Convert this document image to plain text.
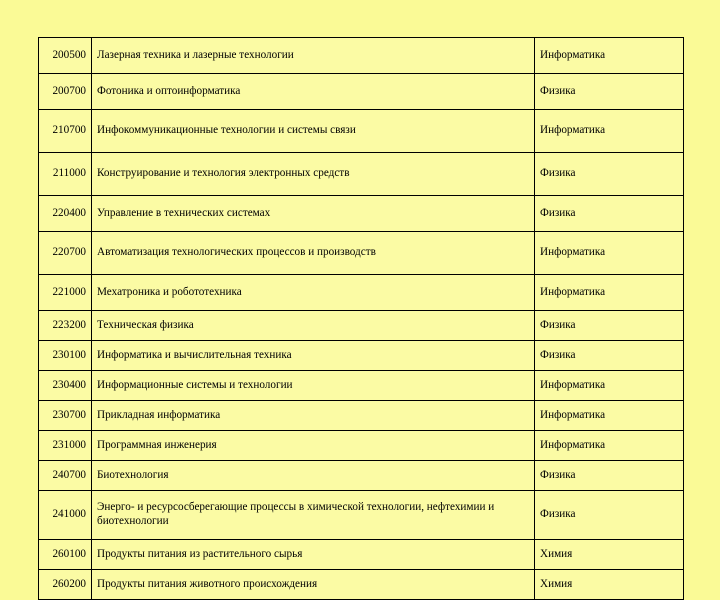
200500	Лазерная техника и лазерные технологии	Информатика
200700	Фотоника и оптоинформатика	Физика
210700	Инфокоммуникационные технологии и системы связи	Информатика
211000	Конструирование и технология электронных средств	Физика
220400	Управление в технических системах	Физика
220700	Автоматизация технологических процессов и производств	Информатика
221000	Мехатроника и робототехника	Информатика
223200	Техническая физика	Физика
230100	Информатика и вычислительная техника	Физика
230400	Информационные системы и технологии	Информатика
230700	Прикладная информатика	Информатика
231000	Программная инженерия	Информатика
240700	Биотехнология	Физика
241000	Энерго- и ресурсосберегающие процессы в химической технологии, нефтехимии и биотехнологии	Физика
260100	Продукты питания из растительного сырья	Химия
260200	Продукты питания животного происхождения	Химия
